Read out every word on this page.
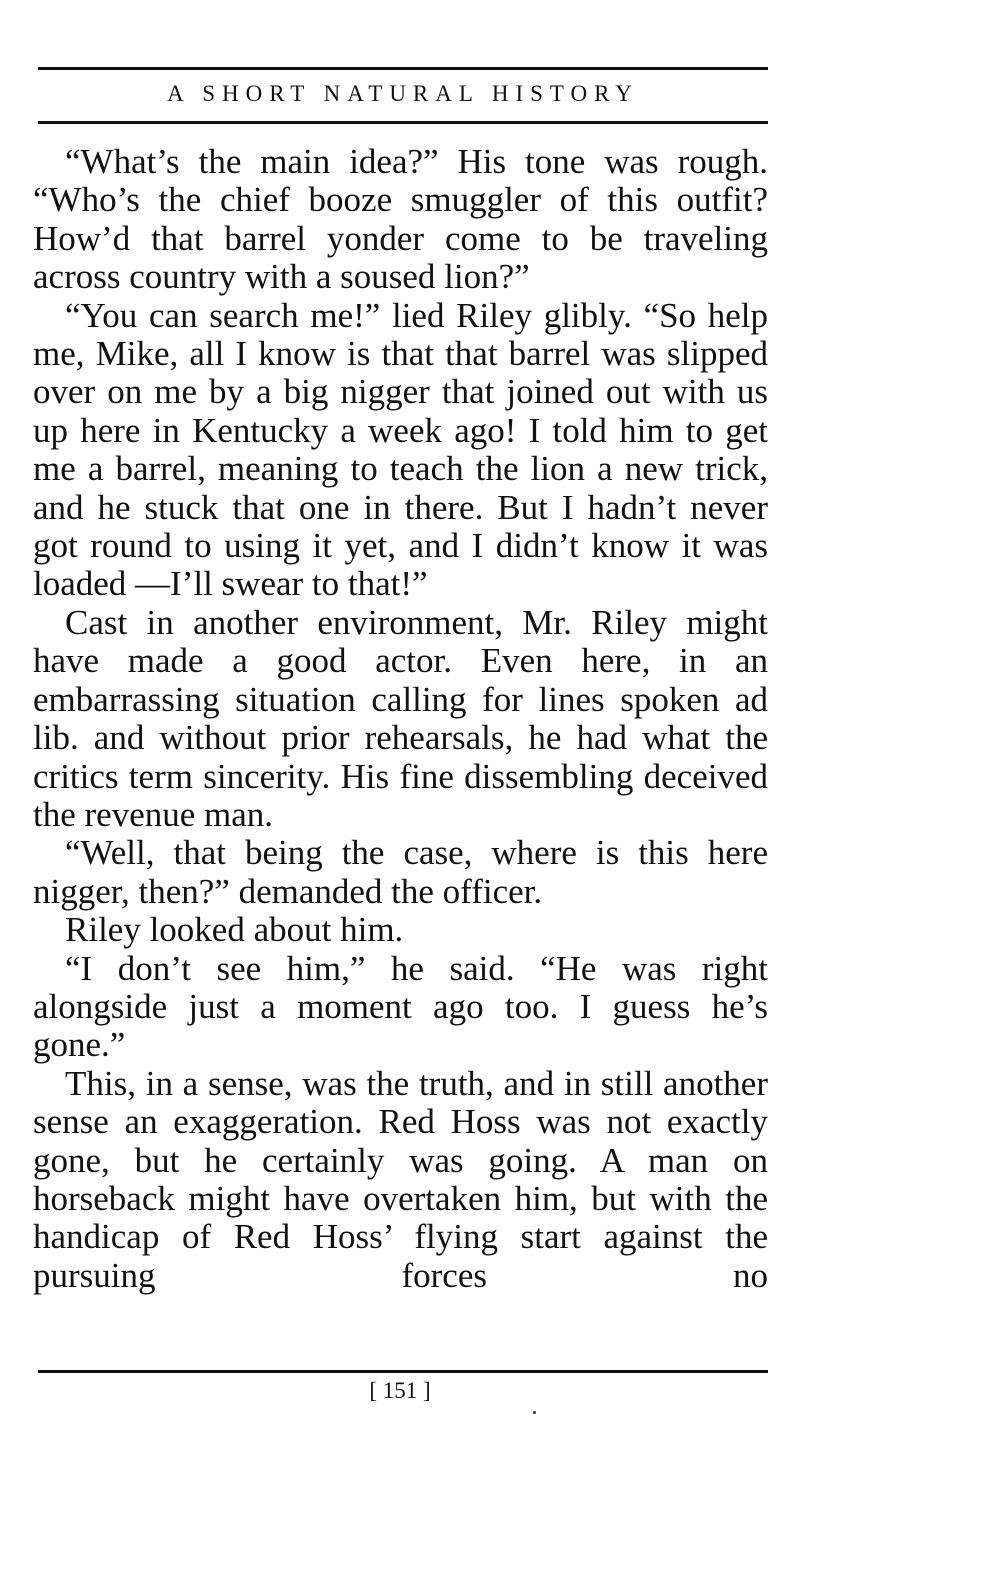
A SHORT NATURAL HISTORY

“What’s the main idea?” His tone was rough. “Who’s the chief booze smuggler of this outfit? How’d that barrel yonder come to be traveling across country with a soused lion?”

“You can search me!” lied Riley glibly. “So help me, Mike, all I know is that that barrel was slipped over on me by a big nigger that joined out with us up here in Kentucky a week ago! I told him to get me a barrel, meaning to teach the lion a new trick, and he stuck that one in there. But I hadn’t never got round to using it yet, and I didn’t know it was loaded —I’ll swear to that!”

Cast in another environment, Mr. Riley might have made a good actor. Even here, in an embarrassing situation calling for lines spoken ad lib. and without prior rehearsals, he had what the critics term sincerity. His fine dissembling deceived the revenue man.

“Well, that being the case, where is this here nigger, then?” demanded the officer.

Riley looked about him.

“I don’t see him,” he said. “He was right alongside just a moment ago too. I guess he’s gone.”

This, in a sense, was the truth, and in still another sense an exaggeration. Red Hoss was not exactly gone, but he certainly was going. A man on horseback might have overtaken him, but with the handicap of Red Hoss’ flying start against the pursuing forces no

[ 151 ]
